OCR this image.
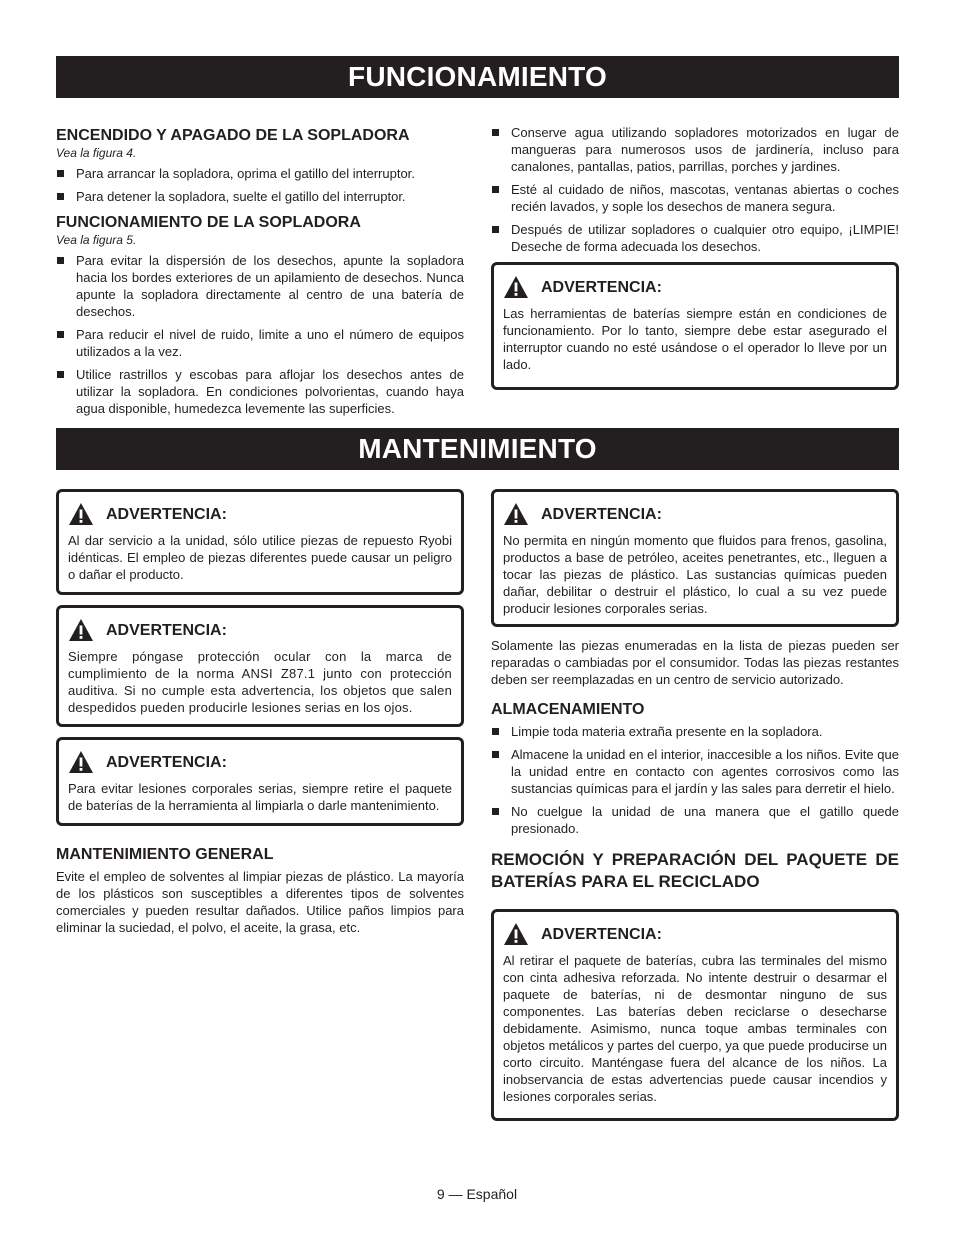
FUNCIONAMIENTO
ENCENDIDO Y APAGADO DE LA SOPLADORA
Vea la figura 4.
Para arrancar la sopladora, oprima el gatillo del interruptor.
Para detener la sopladora, suelte el gatillo del interruptor.
FUNCIONAMIENTO DE LA SOPLADORA
Vea la figura 5.
Para evitar la dispersión de los desechos, apunte la sopladora hacia los bordes exteriores de un apilamiento de desechos. Nunca apunte la sopladora directamente al centro de una batería de desechos.
Para reducir el nivel de ruido, limite a uno el número de equipos utilizados a la vez.
Utilice rastrillos y escobas para aflojar los desechos antes de utilizar la sopladora. En condiciones polvorientas, cuando haya agua disponible, humedezca levemente las superficies.
Conserve agua utilizando sopladores motorizados en lugar de mangueras para numerosos usos de jardinería, incluso para canalones, pantallas, patios, parrillas, porches y jardines.
Esté al cuidado de niños, mascotas, ventanas abiertas o coches recién lavados, y sople los desechos de manera segura.
Después de utilizar sopladores o cualquier otro equipo, ¡LIMPIE! Deseche de forma adecuada los desechos.
ADVERTENCIA:

Las herramientas de baterías siempre están en condiciones de funcionamiento. Por lo tanto, siempre debe estar asegurado el interruptor cuando no esté usándose o el operador lo lleve por un lado.

MANTENIMIENTO
ADVERTENCIA:

Al dar servicio a la unidad, sólo utilice piezas de repuesto Ryobi idénticas. El empleo de piezas diferentes puede causar un peligro o dañar el producto.

ADVERTENCIA:

Siempre póngase protección ocular con la marca de cumplimiento de la norma ANSI Z87.1 junto con protección auditiva. Si no cumple esta advertencia, los objetos que salen despedidos pueden producirle lesiones serias en los ojos.

ADVERTENCIA:

Para evitar lesiones corporales serias, siempre retire el paquete de baterías de la herramienta al limpiarla o darle mantenimiento.

MANTENIMIENTO GENERAL

Evite el empleo de solventes al limpiar piezas de plástico. La mayoría de los plásticos son susceptibles a diferentes tipos de solventes comerciales y pueden resultar dañados. Utilice paños limpios para eliminar la suciedad, el polvo, el aceite, la grasa, etc.

ADVERTENCIA:

No permita en ningún momento que fluidos para frenos, gasolina, productos a base de petróleo, aceites penetrantes, etc., lleguen a tocar las piezas de plástico. Las sustancias químicas pueden dañar, debilitar o destruir el plástico, lo cual a su vez puede producir lesiones corporales serias.

Solamente las piezas enumeradas en la lista de piezas pueden ser reparadas o cambiadas por el consumidor. Todas las piezas restantes deben ser reemplazadas en un centro de servicio autorizado.

ALMACENAMIENTO
Limpie toda materia extraña presente en la sopladora.
Almacene la unidad en el interior, inaccesible a los niños. Evite que la unidad entre en contacto con agentes corrosivos como las sustancias químicas para el jardín y las sales para derretir el hielo.
No cuelgue la unidad de una manera que el gatillo quede presionado.
REMOCIÓN Y PREPARACIÓN DEL PAQUETE DE BATERÍAS PARA EL RECICLADO
ADVERTENCIA:

Al retirar el paquete de baterías, cubra las terminales del mismo con cinta adhesiva reforzada. No intente destruir o desarmar el paquete de baterías, ni de desmontar ninguno de sus componentes. Las baterías deben reciclarse o desecharse debidamente. Asimismo, nunca toque ambas terminales con objetos metálicos y partes del cuerpo, ya que puede producirse un corto circuito. Manténgase fuera del alcance de los niños. La inobservancia de estas advertencias puede causar incendios y lesiones corporales serias.

9 — Español
